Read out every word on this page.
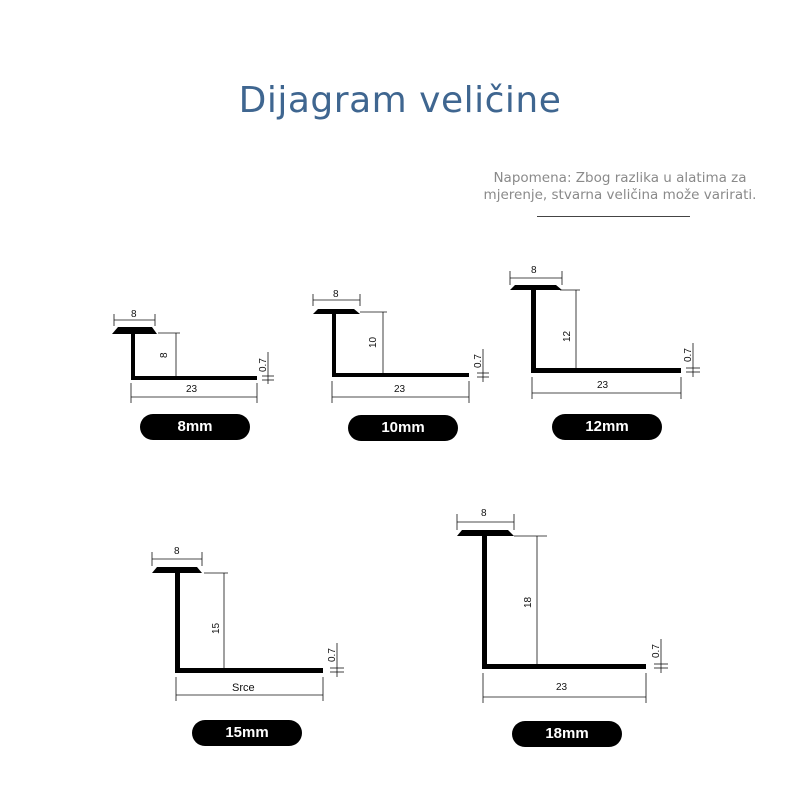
Dijagram veličine
Napomena: Zbog razlika u alatima za
mjerenje, stvarna veličina može varirati.
8
8
23
0.7
8mm
8
10
23
0.7
10mm
8
12
23
0.7
12mm
8
15
Srce
0.7
15mm
8
18
23
0.7
18mm
